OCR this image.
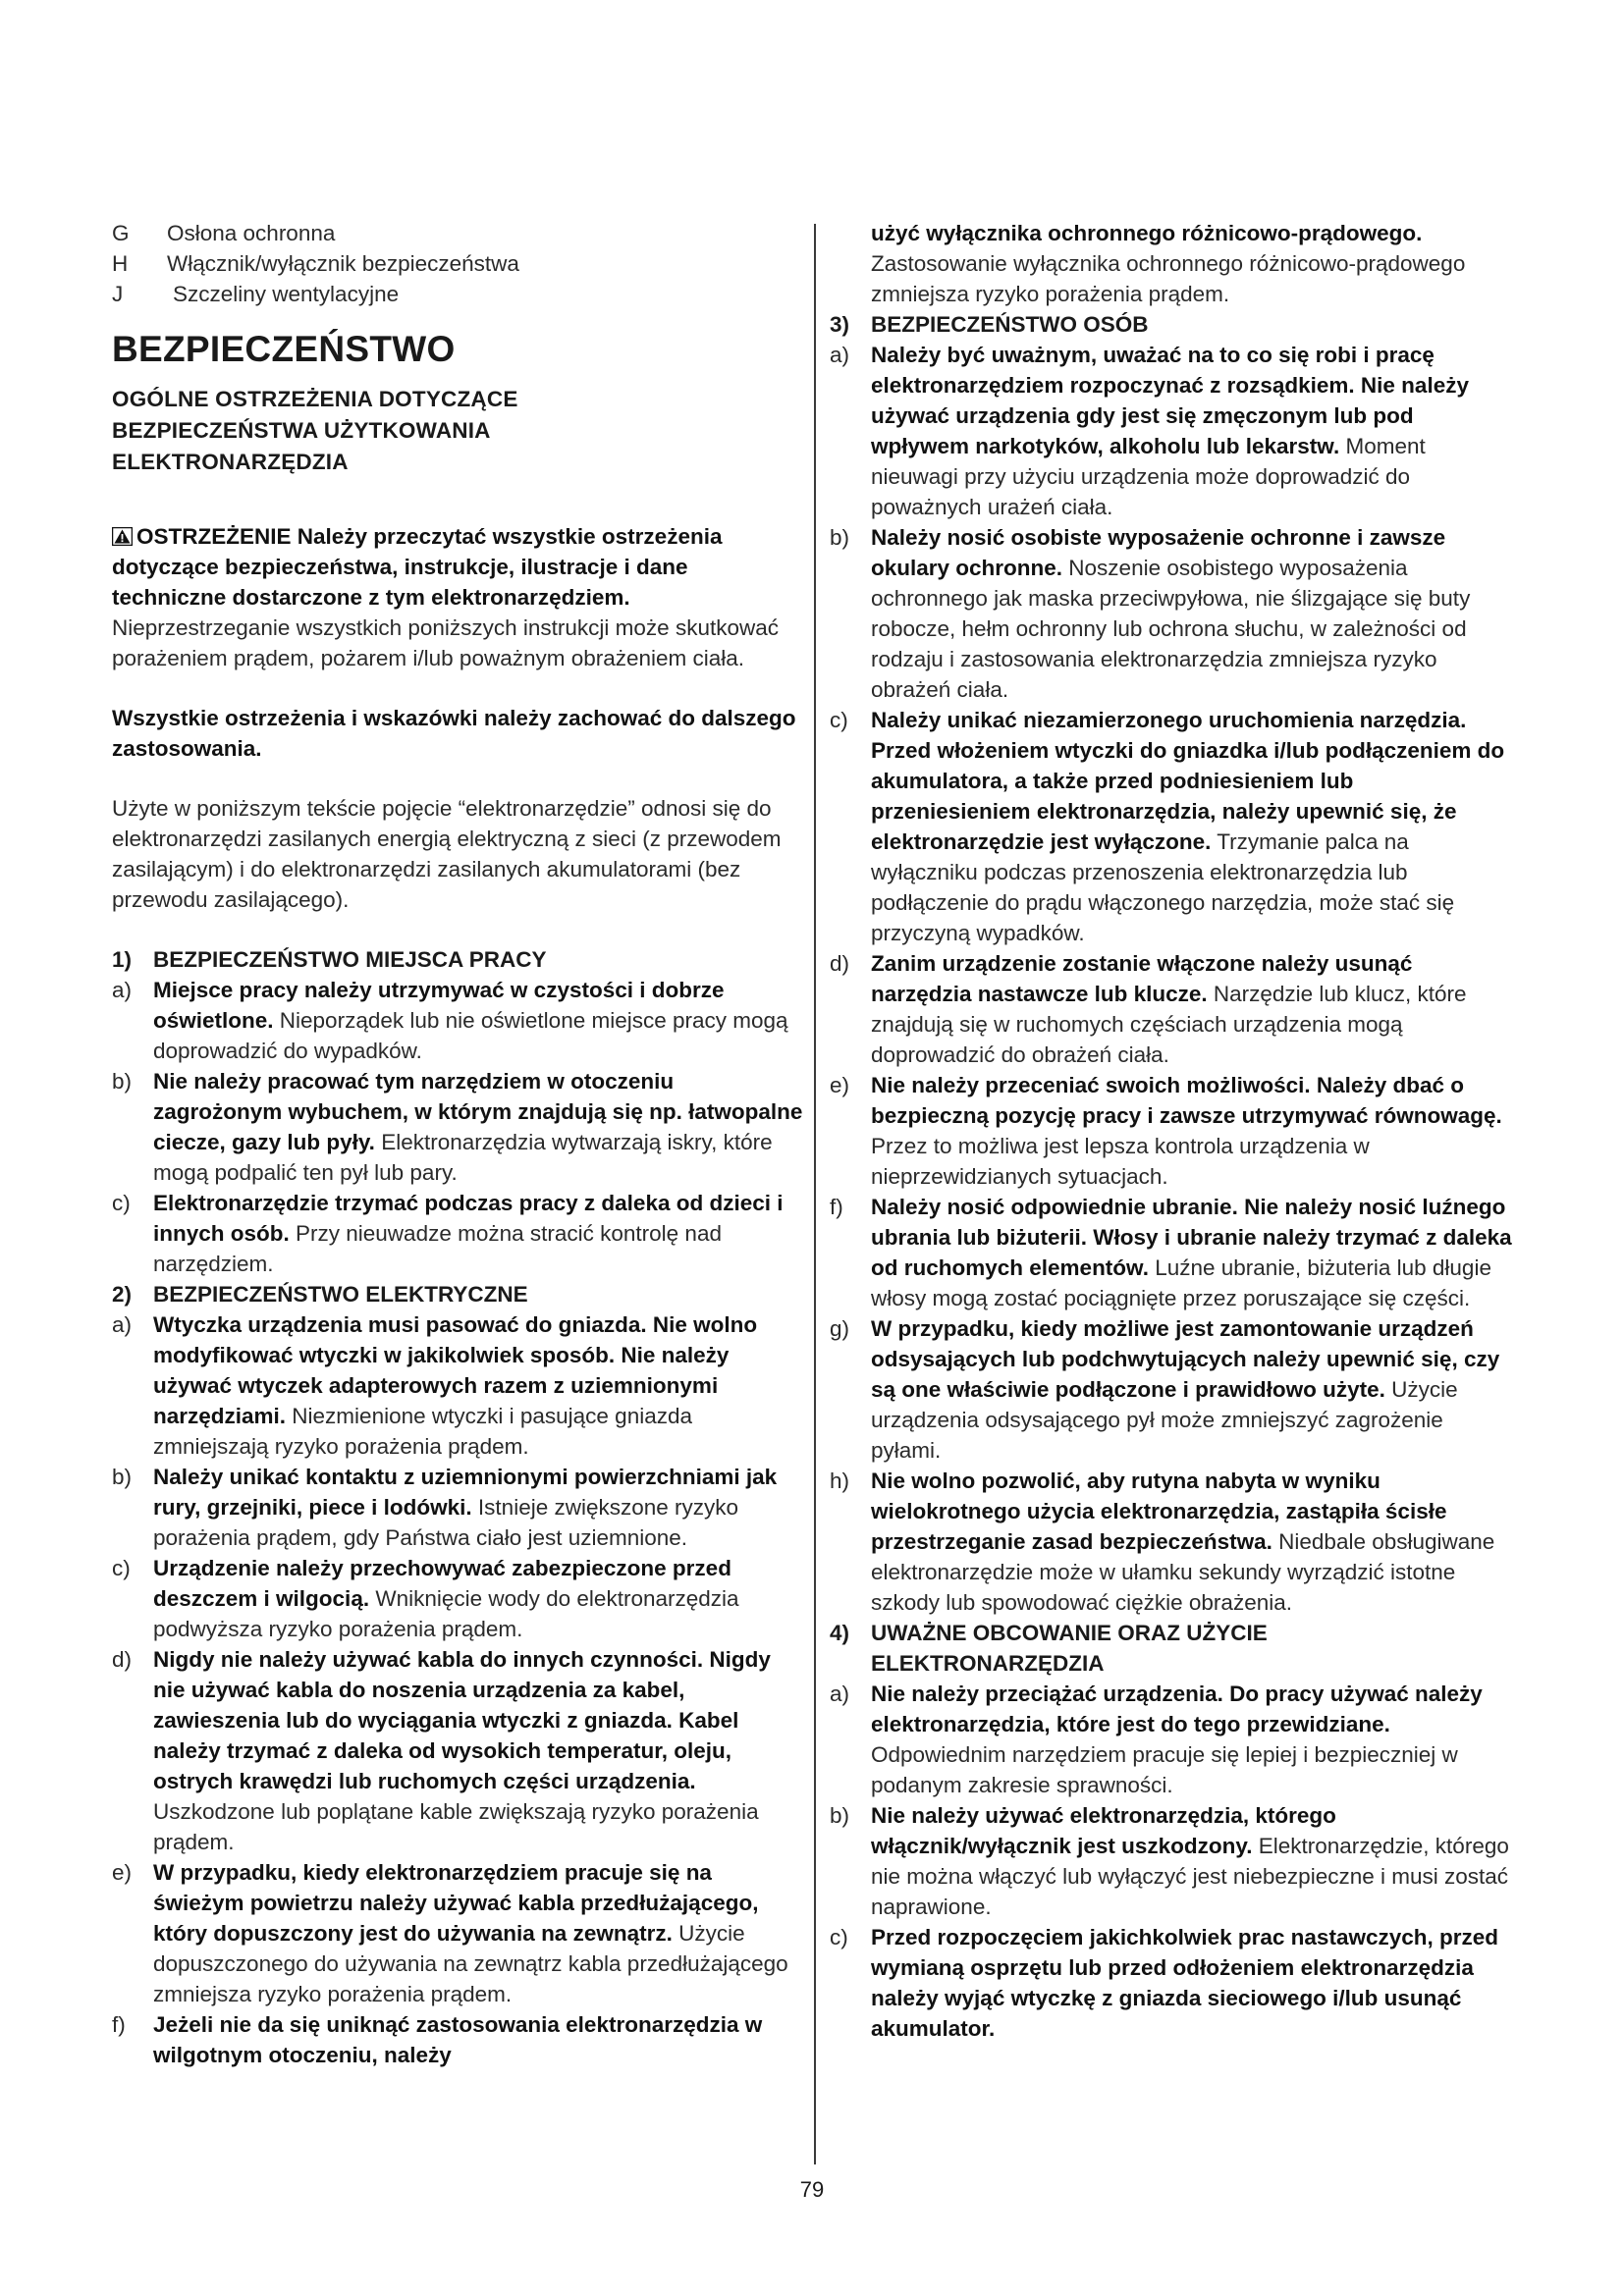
G	Osłona ochronna
H	Włącznik/wyłącznik bezpieczeństwa
J	Szczeliny wentylacyjne
BEZPIECZEŃSTWO
OGÓLNE OSTRZEŻENIA DOTYCZĄCE BEZPIECZEŃSTWA UŻYTKOWANIA ELEKTRONARZĘDZIA
OSTRZEŻENIE Należy przeczytać wszystkie ostrzeżenia dotyczące bezpieczeństwa, instrukcje, ilustracje i dane techniczne dostarczone z tym elektronarzędziem. Nieprzestrzeganie wszystkich poniższych instrukcji może skutkować porażeniem prądem, pożarem i/lub poważnym obrażeniem ciała.
Wszystkie ostrzeżenia i wskazówki należy zachować do dalszego zastosowania.
Użyte w poniższym tekście pojęcie “elektronarzędzie” odnosi się do elektronarzędzi zasilanych energią elektryczną z sieci (z przewodem zasilającym) i do elektronarzędzi zasilanych akumulatorami (bez przewodu zasilającego).
1) BEZPIECZEŃSTWO MIEJSCA PRACY
a) Miejsce pracy należy utrzymywać w czystości i dobrze oświetlone. Nieporządek lub nie oświetlone miejsce pracy mogą doprowadzić do wypadków.
b) Nie należy pracować tym narzędziem w otoczeniu zagrożonym wybuchem, w którym znajdują się np. łatwopalne ciecze, gazy lub pyły. Elektronarzędzia wytwarzają iskry, które mogą podpalić ten pył lub pary.
c)	Elektronarzędzie trzymać podczas pracy z daleka od dzieci i innych osób. Przy nieuwadze można stracić kontrolę nad narzędziem.
2) BEZPIECZEŃSTWO ELEKTRYCZNE
a) Wtyczka urządzenia musi pasować do gniazda. Nie wolno modyfikować wtyczki w jakikolwiek sposób. Nie należy używać wtyczek adapterowych razem z uziemnionymi narzędziami. Niezmienione wtyczki i pasujące gniazda zmniejszają ryzyko porażenia prądem.
b) Należy unikać kontaktu z uziemnionymi powierzchniami jak rury, grzejniki, piece i lodówki. Istnieje zwiększone ryzyko porażenia prądem, gdy Państwa ciało jest uziemnione.
c)	Urządzenie należy przechowywać zabezpieczone przed deszczem i wilgocią. Wniknięcie wody do elektronarzędzia podwyższa ryzyko porażenia prądem.
d) Nigdy nie należy używać kabla do innych czynności. Nigdy nie używać kabla do noszenia urządzenia za kabel, zawieszenia lub do wyciągania wtyczki z gniazda. Kabel należy trzymać z daleka od wysokich temperatur, oleju, ostrych krawędzi lub ruchomych części urządzenia. Uszkodzone lub poplątane kable zwiększają ryzyko porażenia prądem.
e) W przypadku, kiedy elektronarzędziem pracuje się na świeżym powietrzu należy używać kabla przedłużającego, który dopuszczony jest do używania na zewnątrz. Użycie dopuszczonego do używania na zewnątrz kabla przedłużającego zmniejsza ryzyko porażenia prądem.
f)	Jeżeli nie da się uniknąć zastosowania elektronarzędzia w wilgotnym otoczeniu, należy
użyć wyłącznika ochronnego różnicowo-prądowego. Zastosowanie wyłącznika ochronnego różnicowo-prądowego zmniejsza ryzyko porażenia prądem.
3) BEZPIECZEŃSTWO OSÓB
a) Należy być uważnym, uważać na to co się robi i pracę elektronarzędziem rozpoczynać z rozsądkiem. Nie należy używać urządzenia gdy jest się zmęczonym lub pod wpływem narkotyków, alkoholu lub lekarstw. Moment nieuwagi przy użyciu urządzenia może doprowadzić do poważnych urażeń ciała.
b) Należy nosić osobiste wyposażenie ochronne i zawsze okulary ochronne. Noszenie osobistego wyposażenia ochronnego jak maska przeciwpyłowa, nie ślizgające się buty robocze, hełm ochronny lub ochrona słuchu, w zależności od rodzaju i zastosowania elektronarzędzia zmniejsza ryzyko obrażeń ciała.
c)	Należy unikać niezamierzonego uruchomienia narzędzia. Przed włożeniem wtyczki do gniazdka i/lub podłączeniem do akumulatora, a także przed podniesieniem lub przeniesieniem elektronarzędzia, należy upewnić się, że elektronarzędzie jest wyłączone. Trzymanie palca na wyłączniku podczas przenoszenia elektronarzędzia lub podłączenie do prądu włączonego narzędzia, może stać się przyczyną wypadków.
d) Zanim urządzenie zostanie włączone należy usunąć narzędzia nastawcze lub klucze. Narzędzie lub klucz, które znajdują się w ruchomych częściach urządzenia mogą doprowadzić do obrażeń ciała.
e) Nie należy przeceniać swoich możliwości. Należy dbać o bezpieczną pozycję pracy i zawsze utrzymywać równowagę. Przez to możliwa jest lepsza kontrola urządzenia w nieprzewidzianych sytuacjach.
f)	Należy nosić odpowiednie ubranie. Nie należy nosić luźnego ubrania lub biżuterii. Włosy i ubranie należy trzymać z daleka od ruchomych elementów. Luźne ubranie, biżuteria lub długie włosy mogą zostać pociągnięte przez poruszające się części.
g) W przypadku, kiedy możliwe jest zamontowanie urządzeń odsysających lub podchwytujących należy upewnić się, czy są one właściwie podłączone i prawidłowo użyte. Użycie urządzenia odsysającego pył może zmniejszyć zagrożenie pyłami.
h) Nie wolno pozwolić, aby rutyna nabyta w wyniku wielokrotnego użycia elektronarzędzia, zastąpiła ścisłe przestrzeganie zasad bezpieczeństwa. Niedbale obsługiwane elektronarzędzie może w ułamku sekundy wyrządzić istotne szkody lub spowodować ciężkie obrażenia.
4) UWAŻNE OBCOWANIE ORAZ UŻYCIE ELEKTRONARZĘDZIA
a) Nie należy przeciążać urządzenia. Do pracy używać należy elektronarzędzia, które jest do tego przewidziane. Odpowiednim narzędziem pracuje się lepiej i bezpieczniej w podanym zakresie sprawności.
b) Nie należy używać elektronarzędzia, którego włącznik/wyłącznik jest uszkodzony. Elektronarzędzie, którego nie można włączyć lub wyłączyć jest niebezpieczne i musi zostać naprawione.
c)	Przed rozpoczęciem jakichkolwiek prac nastawczych, przed wymianą osprzętu lub przed odłożeniem elektronarzędzia należy wyjąć wtyczkę z gniazda sieciowego i/lub usunąć akumulator.
79
